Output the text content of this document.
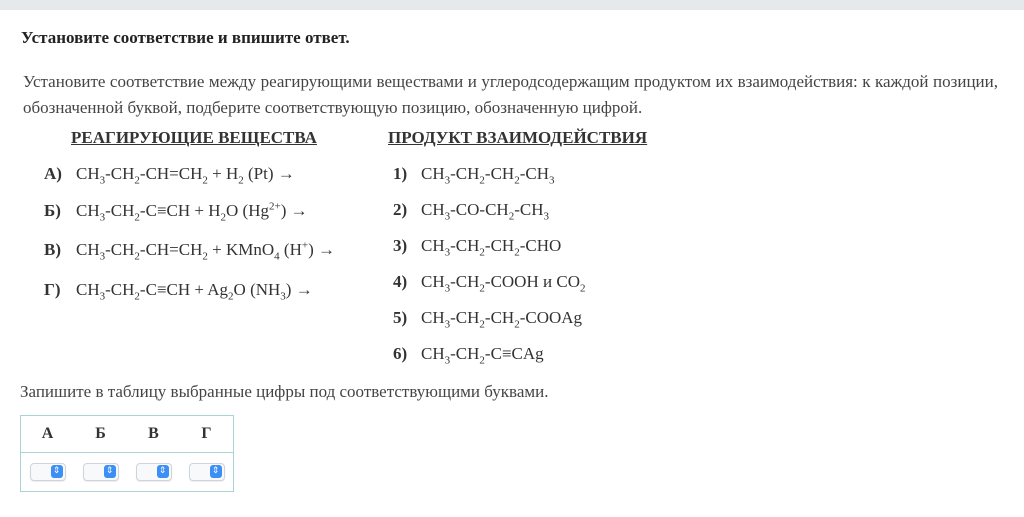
Установите соответствие и впишите ответ.
Установите соответствие между реагирующими веществами и углеродсодержащим продуктом их взаимодействия: к каждой позиции, обозначенной буквой, подберите соответствующую позицию, обозначенную цифрой.
РЕАГИРУЮЩИЕ ВЕЩЕСТВА	ПРОДУКТ ВЗАИМОДЕЙСТВИЯ
А) $CH_3-CH_2-CH=CH_2 + H_2$ (Pt) →
Б) $CH_3-CH_2-C\equiv CH + H_2O$ $(Hg^{2+})$ →
В) $CH_3-CH_2-CH=CH_2$ + KMnO$_4$ (H+) →
Г) $CH_3-CH_2-C\equiv CH + Ag_2O$ $(NH_3)$ →
1) $CH_3-CH_2-CH_2-CH_3$
2) $CH_3-CO-CH_2-CH_3$
3) $CH_3-CH_2-CH_2$-CHO
4) $CH_3-CH_2$-COOH и $CO_2$
5) $CH_3-CH_2-CH_2$-COOAg
6) $CH_3-CH_2-C\equiv CAg$
Запишите в таблицу выбранные цифры под соответствующими буквами.
А	Б	В	Г

⇕	⇕	⇕	⇕
